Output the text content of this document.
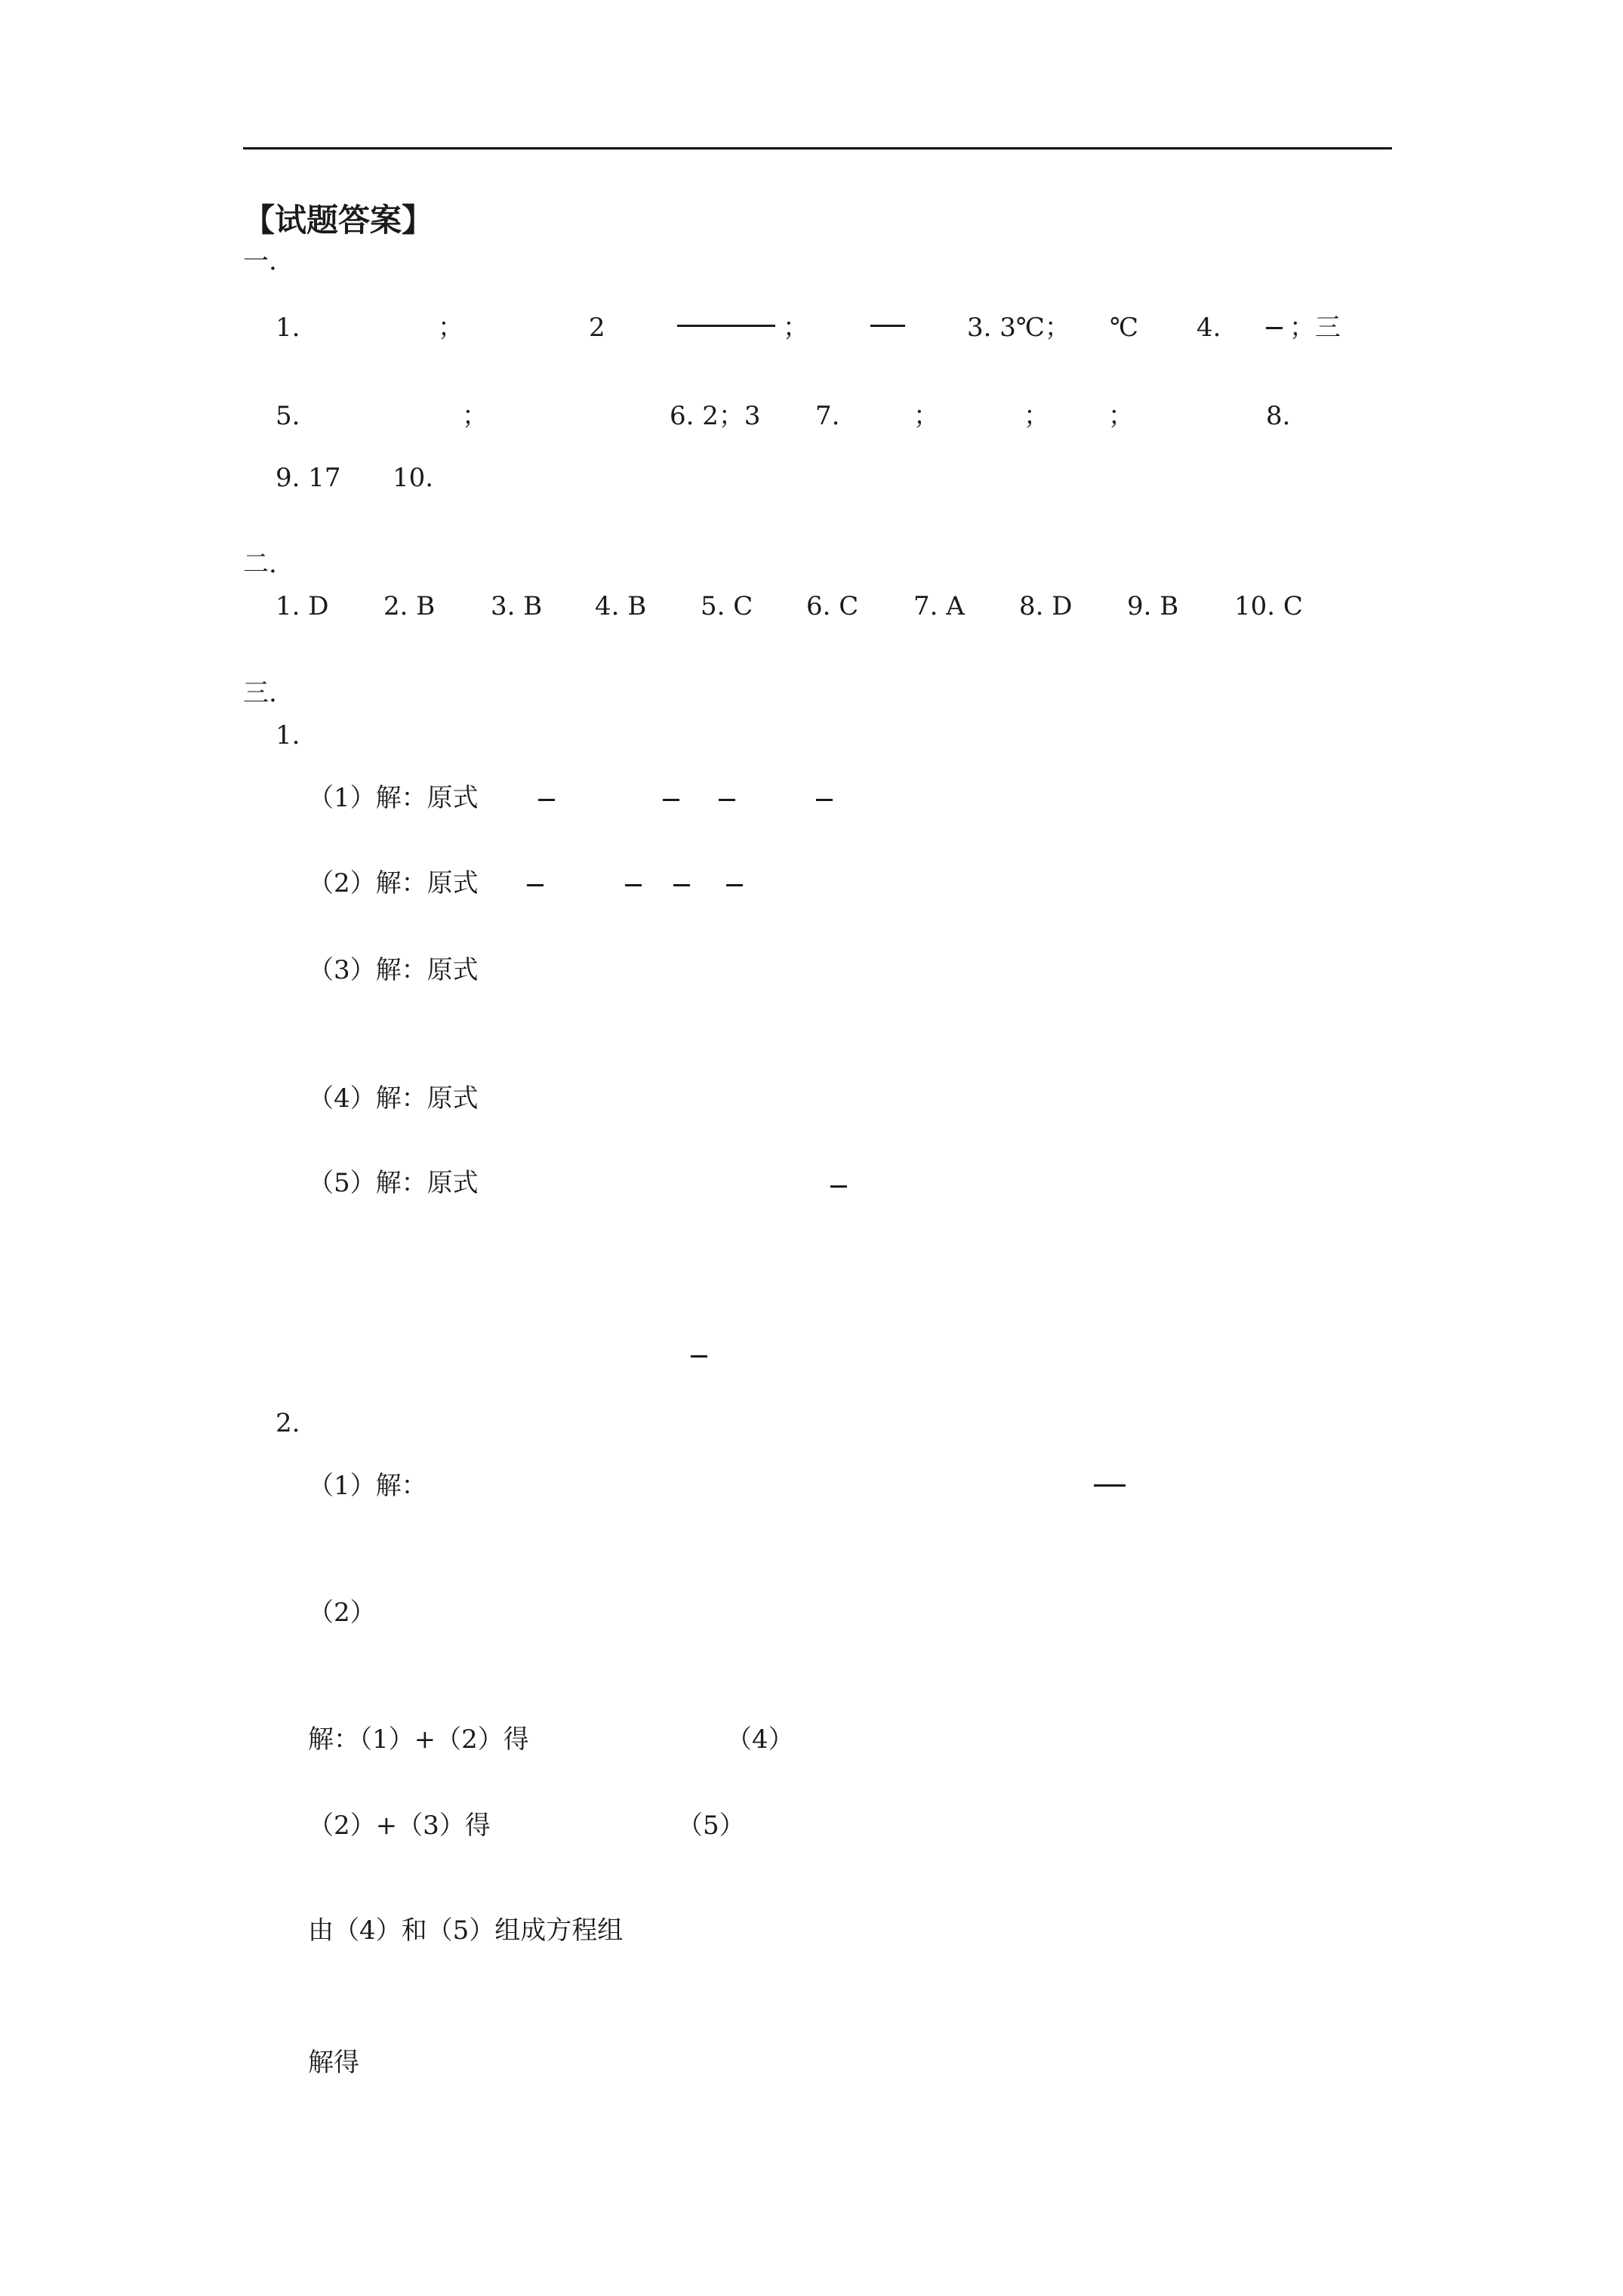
【试题答案】
一.
1.	；	2	；	3. 3℃； ℃ 4.	；三
5.	；	6. 2；3 7.	；	； ；	8.
9. 17 10.
二.
1. D 2. B 3. B 4. B 5. C 6. C 7. A 8. D 9. B 10. C
三.
1.
（1）解：原式
（2）解：原式
（3）解：原式
（4）解：原式
（5）解：原式
2.
（1）解：
（2）
解：（1）+（2）得	（4）
（2）+（3）得	（5）
由（4）和（5）组成方程组
解得
